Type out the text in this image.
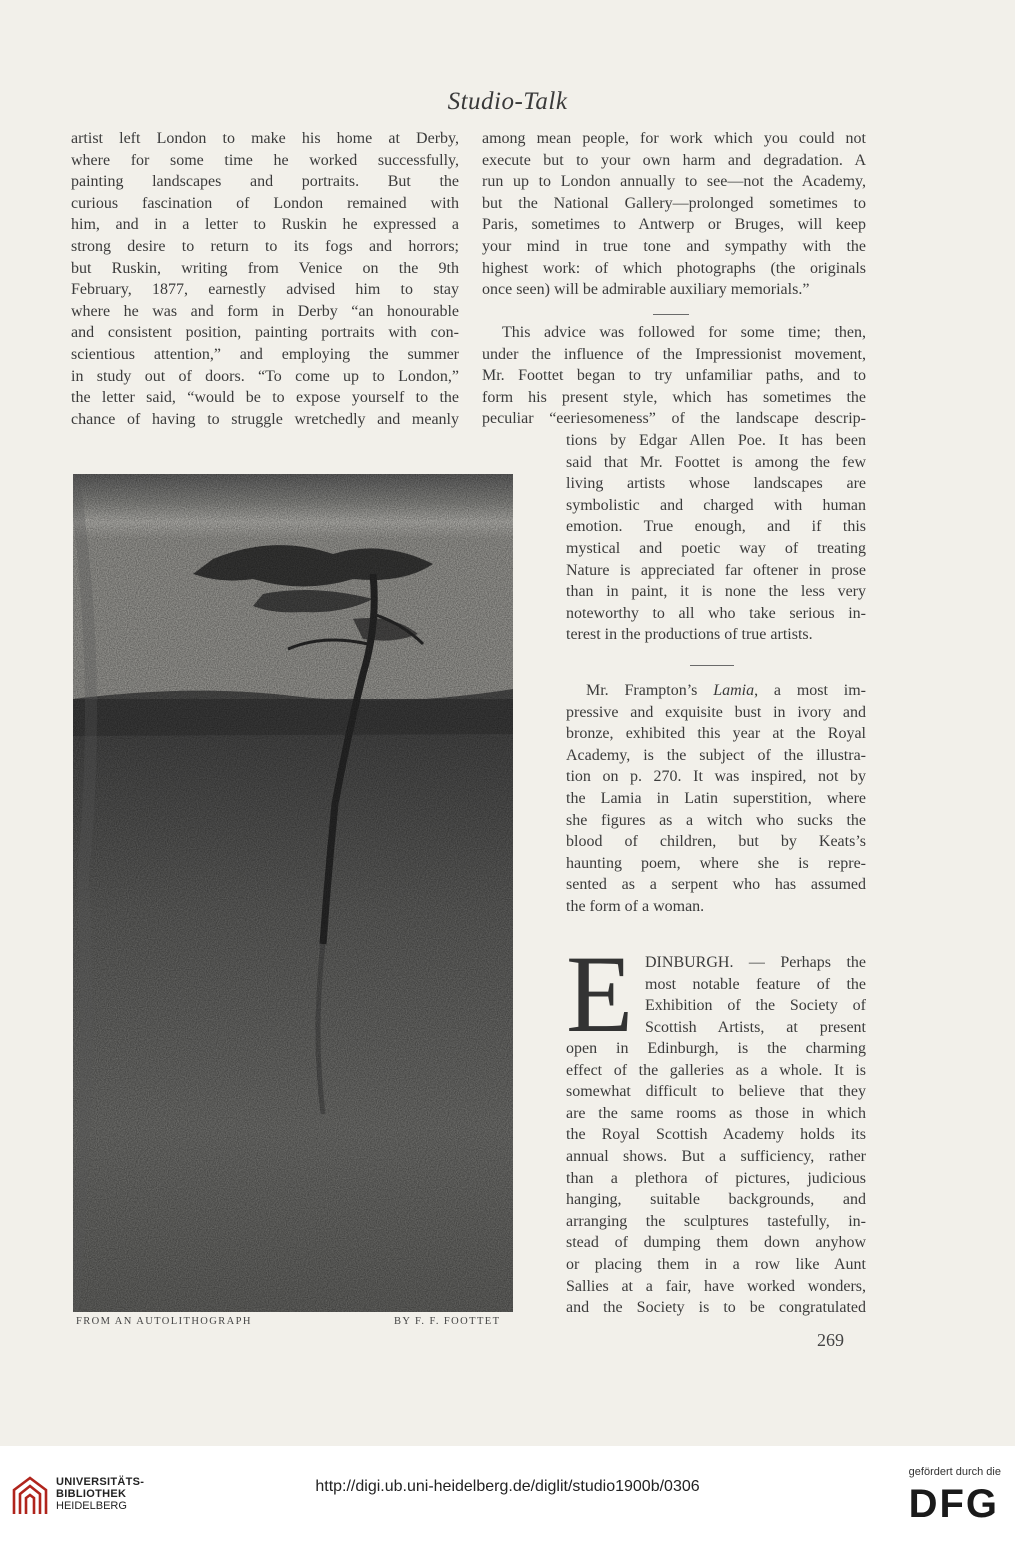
Studio-Talk
artist left London to make his home at Derby,
where for some time he worked successfully,
painting landscapes and portraits. But the
curious fascination of London remained with
him, and in a letter to Ruskin he expressed a
strong desire to return to its fogs and horrors;
but Ruskin, writing from Venice on the 9th
February, 1877, earnestly advised him to stay
where he was and form in Derby “an honourable
and consistent position, painting portraits with con-
scientious attention,” and employing the summer
in study out of doors. “To come up to London,”
the letter said, “would be to expose yourself to the
chance of having to struggle wretchedly and meanly
among mean people, for work which you could not
execute but to your own harm and degradation. A
run up to London annually to see—not the Academy,
but the National Gallery—prolonged sometimes to
Paris, sometimes to Antwerp or Bruges, will keep
your mind in true tone and sympathy with the
highest work: of which photographs (the originals
once seen) will be admirable auxiliary memorials.”
This advice was followed for some time; then,
under the influence of the Impressionist movement,
Mr. Foottet began to try unfamiliar paths, and to
form his present style, which has sometimes the
peculiar “eeriesomeness” of the landscape descrip-
tions by Edgar Allen Poe. It has been
said that Mr. Foottet is among the few
living artists whose landscapes are
symbolistic and charged with human
emotion. True enough, and if this
mystical and poetic way of treating
Nature is appreciated far oftener in prose
than in paint, it is none the less very
noteworthy to all who take serious in-
terest in the productions of true artists.
Mr. Frampton’s Lamia, a most im-
pressive and exquisite bust in ivory and
bronze, exhibited this year at the Royal
Academy, is the subject of the illustra-
tion on p. 270. It was inspired, not by
the Lamia in Latin superstition, where
she figures as a witch who sucks the
blood of children, but by Keats’s
haunting poem, where she is repre-
sented as a serpent who has assumed
the form of a woman.
E DINBURGH. — Perhaps the
most notable feature of the
Exhibition of the Society of
Scottish Artists, at present
open in Edinburgh, is the charming
effect of the galleries as a whole. It is
somewhat difficult to believe that they
are the same rooms as those in which
the Royal Scottish Academy holds its
annual shows. But a sufficiency, rather
than a plethora of pictures, judicious
hanging, suitable backgrounds, and
arranging the sculptures tastefully, in-
stead of dumping them down anyhow
or placing them in a row like Aunt
Sallies at a fair, have worked wonders,
and the Society is to be congratulated
FROM AN AUTOLITHOGRAPH	BY F. F. FOOTTET
269
UNIVERSITÄTS-
BIBLIOTHEK
HEIDELBERG
http://digi.ub.uni-heidelberg.de/diglit/studio1900b/0306
gefördert durch die
DFG
